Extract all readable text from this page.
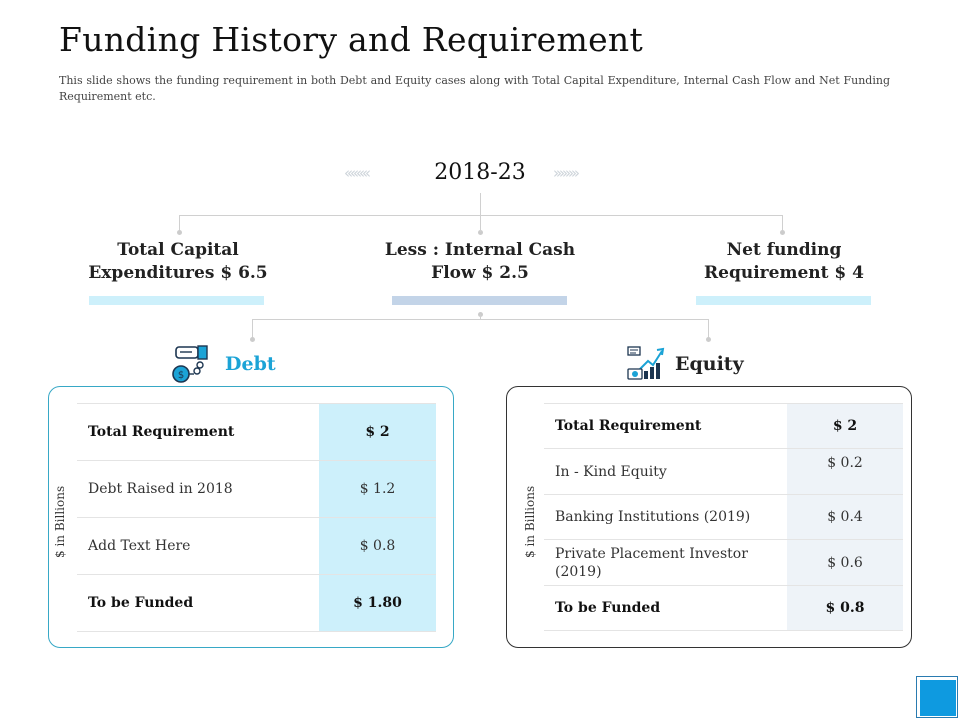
Funding History and Requirement
This slide shows the funding requirement in both Debt and Equity cases along with Total Capital Expenditure, Internal Cash Flow and Net Funding Requirement etc.
‹‹‹‹‹‹‹‹	2018-23	››››››››
Total Capital
Expenditures $ 6.5
Less : Internal Cash
Flow $ 2.5
Net funding
Requirement $ 4
$
Debt	Equity
$ in Billions
Total Requirement	$ 2
Debt Raised in 2018	$ 1.2
Add Text Here	$ 0.8
To be Funded	$ 1.80
$ in Billions
Total Requirement	$ 2
In - Kind Equity	$ 0.2
Banking Institutions (2019)	$ 0.4
Private Placement Investor (2019)	$ 0.6
To be Funded	$ 0.8
